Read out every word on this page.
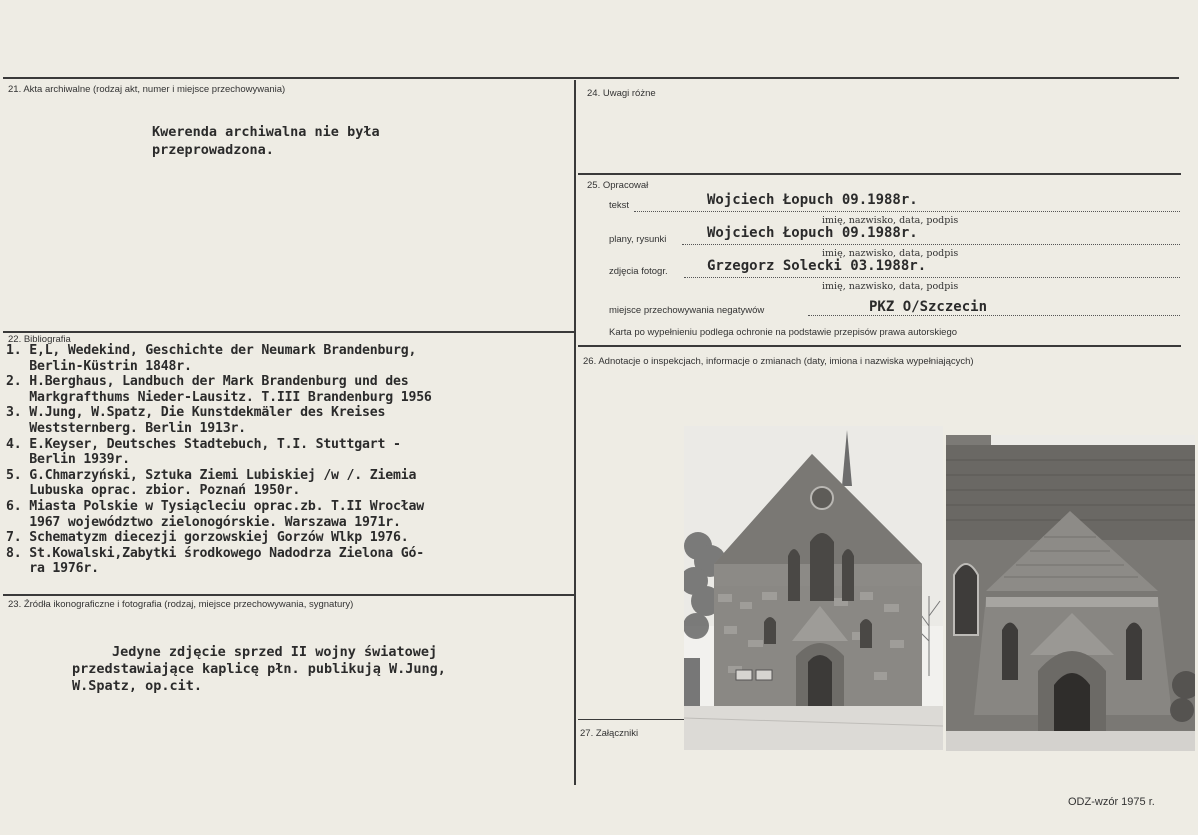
21. Akta archiwalne (rodzaj akt, numer i miejsce przechowywania)
Kwerenda archiwalna nie była
przeprowadzona.
22. Bibliografia
1. E,L, Wedekind, Geschichte der Neumark Brandenburg,
Berlin-Küstrin 1848r.
2. H.Berghaus, Landbuch der Mark Brandenburg und des
Markgrafthums Nieder-Lausitz. T.III Brandenburg 1956
3. W.Jung, W.Spatz, Die Kunstdekmäler des Kreises
Weststernberg. Berlin 1913r.
4. E.Keyser, Deutsches Stadtebuch, T.I. Stuttgart -
Berlin 1939r.
5. G.Chmarzyński, Sztuka Ziemi Lubiskiej /w /. Ziemia
Lubuska oprac. zbior. Poznań 1950r.
6. Miasta Polskie w Tysiącleciu oprac.zb. T.II Wrocław
1967 województwo zielonogórskie. Warszawa 1971r.
7. Schematyzm diecezji gorzowskiej Gorzów Wlkp 1976.
8. St.Kowalski,Zabytki środkowego Nadodrza Zielona Gó-
ra 1976r.
23. Źródła ikonograficzne i fotografia (rodzaj, miejsce przechowywania, sygnatury)
Jedyne zdjęcie sprzed II wojny światowej
przedstawiające kaplicę płn. publikują W.Jung,
W.Spatz, op.cit.
24. Uwagi różne
25. Opracował
tekst	Wojciech Łopuch 09.1988r.
imię, nazwisko, data, podpis
plany, rysunki	Wojciech Łopuch 09.1988r.
imię, nazwisko, data, podpis
zdjęcia fotogr.	Grzegorz Solecki 03.1988r.
imię, nazwisko, data, podpis
miejsce przechowywania negatywów	PKZ O/Szczecin
Karta po wypełnieniu podlega ochronie na podstawie przepisów prawa autorskiego
26. Adnotacje o inspekcjach, informacje o zmianach (daty, imiona i nazwiska wypełniających)
27. Załączniki
ODZ-wzór 1975 r.
